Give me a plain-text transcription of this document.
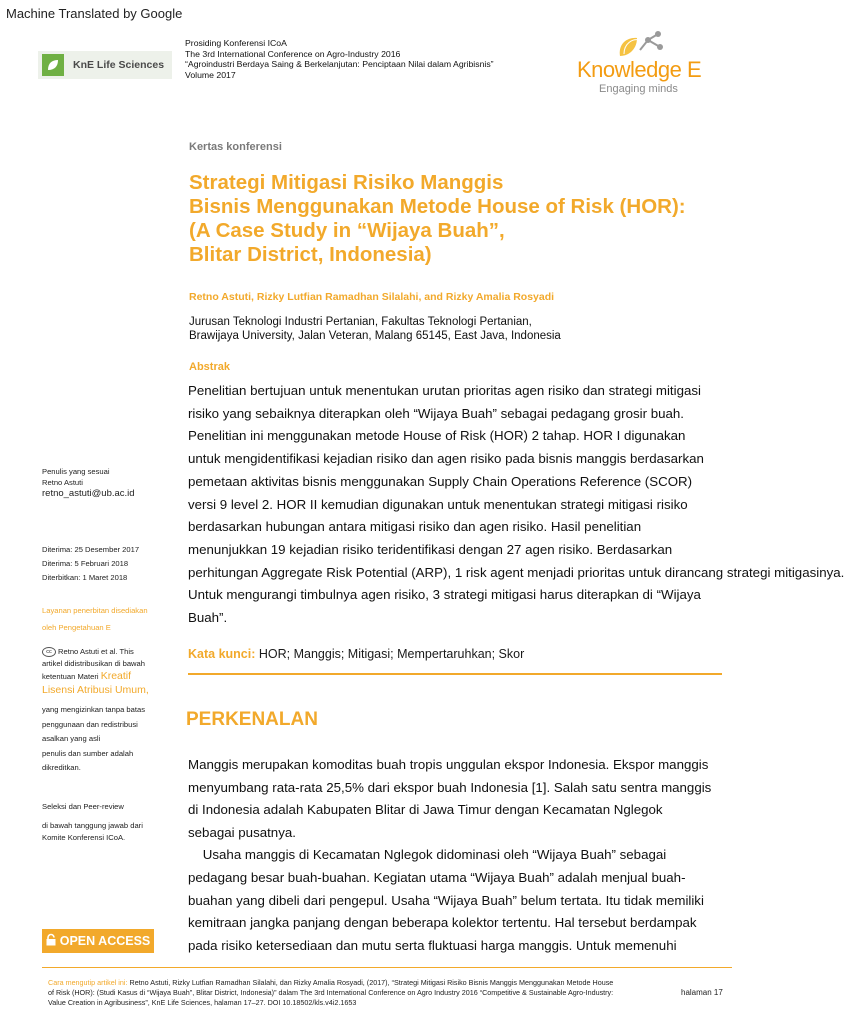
Machine Translated by Google
KnE Life Sciences
Prosiding Konferensi ICoA
The 3rd International Conference on Agro-Industry 2016
“Agroindustri Berdaya Saing & Berkelanjutan: Penciptaan Nilai dalam Agribisnis”
Volume 2017	Knowledge E
Engaging minds
Kertas konferensi
Strategi Mitigasi Risiko Manggis
Bisnis Menggunakan Metode House of Risk (HOR):
(A Case Study in “Wijaya Buah”,
Blitar District, Indonesia)
Retno Astuti, Rizky Lutfian Ramadhan Silalahi, and Rizky Amalia Rosyadi
Jurusan Teknologi Industri Pertanian, Fakultas Teknologi Pertanian,
Brawijaya University, Jalan Veteran, Malang 65145, East Java, Indonesia
Abstrak
Penelitian bertujuan untuk menentukan urutan prioritas agen risiko dan strategi mitigasi
risiko yang sebaiknya diterapkan oleh “Wijaya Buah” sebagai pedagang grosir buah.
Penelitian ini menggunakan metode House of Risk (HOR) 2 tahap. HOR I digunakan
untuk mengidentifikasi kejadian risiko dan agen risiko pada bisnis manggis berdasarkan
pemetaan aktivitas bisnis menggunakan Supply Chain Operations Reference (SCOR)
versi 9 level 2. HOR II kemudian digunakan untuk menentukan strategi mitigasi risiko
berdasarkan hubungan antara mitigasi risiko dan agen risiko. Hasil penelitian
menunjukkan 19 kejadian risiko teridentifikasi dengan 27 agen risiko. Berdasarkan
perhitungan Aggregate Risk Potential (ARP), 1 risk agent menjadi prioritas untuk dirancang strategi mitigasinya.
Untuk mengurangi timbulnya agen risiko, 3 strategi mitigasi harus diterapkan di “Wijaya
Buah”.
Kata kunci: HOR; Manggis; Mitigasi; Mempertaruhkan; Skor
PERKENALAN
Manggis merupakan komoditas buah tropis unggulan ekspor Indonesia. Ekspor manggis
menyumbang rata-rata 25,5% dari ekspor buah Indonesia [1]. Salah satu sentra manggis
di Indonesia adalah Kabupaten Blitar di Jawa Timur dengan Kecamatan Nglegok
sebagai pusatnya.
Usaha manggis di Kecamatan Nglegok didominasi oleh “Wijaya Buah” sebagai
pedagang besar buah-buahan. Kegiatan utama “Wijaya Buah” adalah menjual buah-
buahan yang dibeli dari pengepul. Usaha “Wijaya Buah” belum tertata. Itu tidak memiliki
kemitraan jangka panjang dengan beberapa kolektor tertentu. Hal tersebut berdampak
pada risiko ketersediaan dan mutu serta fluktuasi harga manggis. Untuk memenuhi
Penulis yang sesuai
Retno Astuti
retno_astuti@ub.ac.id
Diterima: 25 Desember 2017
Diterima: 5 Februari 2018
Diterbitkan: 1 Maret 2018
Layanan penerbitan disediakan
oleh Pengetahuan E
cc Retno Astuti et al. This
artikel didistribusikan di bawah
ketentuan Materi Kreatif
Lisensi Atribusi Umum,
yang mengizinkan tanpa batas
penggunaan dan redistribusi
asalkan yang asli
penulis dan sumber adalah
dikreditkan.
Seleksi dan Peer-review
di bawah tanggung jawab dari
Komite Konferensi ICoA.
OPEN ACCESS
Cara mengutip artikel ini: Retno Astuti, Rizky Lutfian Ramadhan Silalahi, dan Rizky Amalia Rosyadi, (2017), “Strategi Mitigasi Risiko Bisnis Manggis Menggunakan Metode House
of Risk (HOR): (Studi Kasus di “Wijaya Buah”, Blitar District, Indonesia)” dalam The 3rd International Conference on Agro Industry 2016 “Competitive & Sustainable Agro-Industry:
Value Creation in Agribusiness”, KnE Life Sciences, halaman 17–27. DOI 10.18502/kls.v4i2.1653
halaman 17
